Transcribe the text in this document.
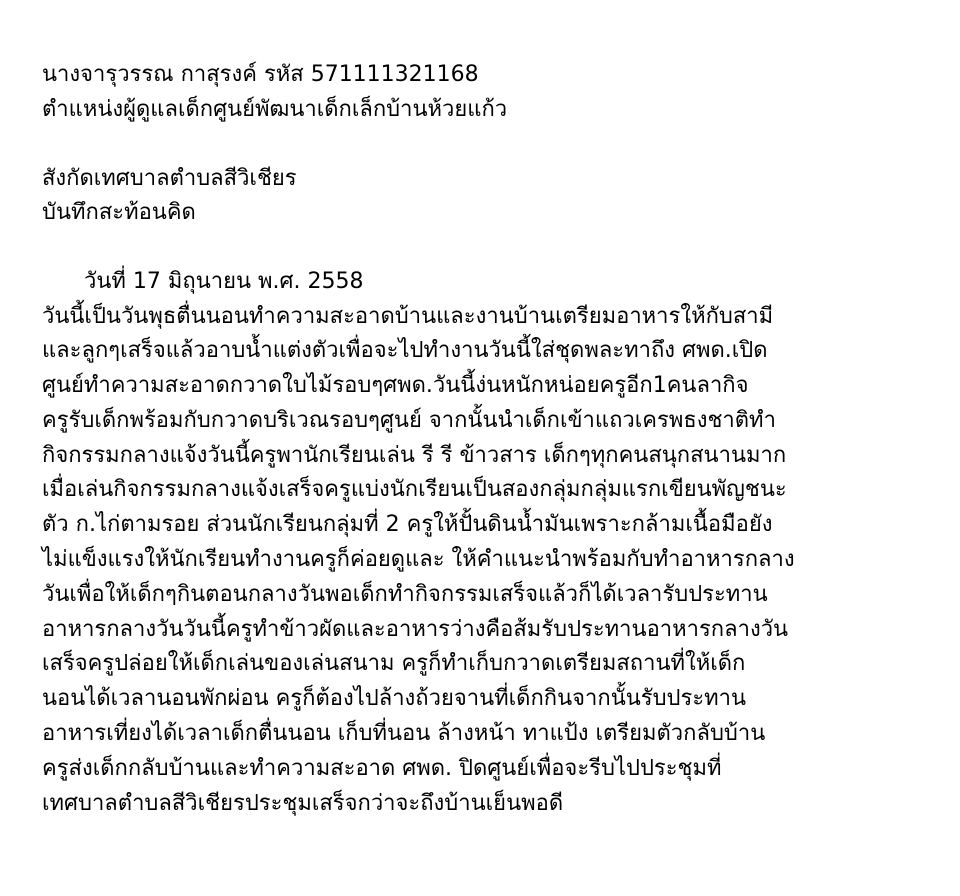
นางจารุวรรณ กาสุรงค์ รหัส 571111321168
ตำแหน่งผู้ดูแลเด็กศูนย์พัฒนาเด็กเล็กบ้านห้วยแก้ว
สังกัดเทศบาลตำบลสีวิเชียร
บันทึกสะท้อนคิด
วันที่ 17 มิถุนายน พ.ศ. 2558
วันนี้เป็นวันพุธตื่นนอนทำความสะอาดบ้านและงานบ้านเตรียมอาหารให้กับสามี
และลูกๆเสร็จแล้วอาบน้ำแต่งตัวเพื่อจะไปทำงานวันนี้ใส่ชุดพละทาถึง ศพด.เปิด
ศูนย์ทำความสะอาดกวาดใบไม้รอบๆศพด.วันนี้ง่นหนักหน่อยครูอีก1คนลากิจ
ครูรับเด็กพร้อมกับกวาดบริเวณรอบๆศูนย์ จากนั้นนำเด็กเข้าแถวเครพธงชาติทำ
กิจกรรมกลางแจ้งวันนี้ครูพานักเรียนเล่น รี รี ข้าวสาร เด็กๆทุกคนสนุกสนานมาก
เมื่อเล่นกิจกรรมกลางแจ้งเสร็จครูแบ่งนักเรียนเป็นสองกลุ่มกลุ่มแรกเขียนพัญชนะ
ตัว ก.ไก่ตามรอย ส่วนนักเรียนกลุ่มที่ 2 ครูให้ปั้นดินน้ำมันเพราะกล้ามเนื้อมือยัง
ไม่แข็งแรงให้นักเรียนทำงานครูก็ค่อยดูและ ให้คำแนะนำพร้อมกับทำอาหารกลาง
วันเพื่อให้เด็กๆกินตอนกลางวันพอเด็กทำกิจกรรมเสร็จแล้วก็ได้เวลารับประทาน
อาหารกลางวันวันนี้ครูทำข้าวผัดและอาหารว่างคือส้มรับประทานอาหารกลางวัน
เสร็จครูปล่อยให้เด็กเล่นของเล่นสนาม ครูก็ทำเก็บกวาดเตรียมสถานที่ให้เด็ก
นอนได้เวลานอนพักผ่อน ครูก็ต้องไปล้างถ้วยจานที่เด็กกินจากนั้นรับประทาน
อาหารเที่ยงได้เวลาเด็กตื่นนอน เก็บที่นอน ล้างหน้า ทาแป้ง เตรียมตัวกลับบ้าน
ครูส่งเด็กกลับบ้านและทำความสะอาด ศพด. ปิดศูนย์เพื่อจะรีบไปประชุมที่
เทศบาลตำบลสีวิเชียรประชุมเสร็จกว่าจะถึงบ้านเย็นพอดี
